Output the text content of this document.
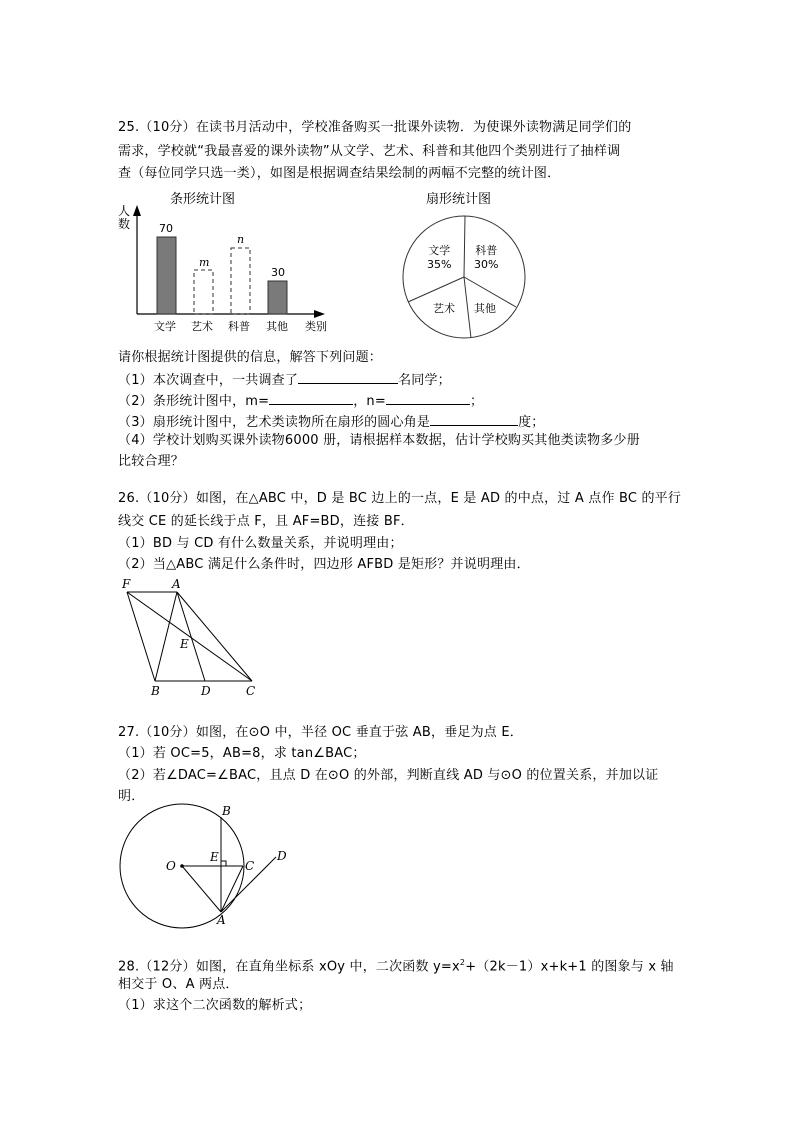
25.（10分）在读书月活动中，学校准备购买一批课外读物．为使课外读物满足同学们的
需求，学校就“我最喜爱的课外读物”从文学、艺术、科普和其他四个类别进行了抽样调
查（每位同学只选一类），如图是根据调查结果绘制的两幅不完整的统计图．
条形统计图
人
数	70
m
n
30
文学 艺术 科普 其他 类别
扇形统计图
文学
35%
科普
30%
艺术 其他
请你根据统计图提供的信息，解答下列问题：
（1）本次调查中，一共调查了	名同学；
（2）条形统计图中，m=	，n=	；
（3）扇形统计图中，艺术类读物所在扇形的圆心角是	度；
（4）学校计划购买课外读物6000 册，请根据样本数据，估计学校购买其他类读物多少册
比较合理？
26.（10分）如图，在△ABC 中，D 是 BC 边上的一点，E 是 AD 的中点，过 A 点作 BC 的平行
线交 CE 的延长线于点 F，且 AF=BD，连接 BF．
（1）BD 与 CD 有什么数量关系，并说明理由；
（2）当△ABC 满足什么条件时，四边形 AFBD 是矩形？并说明理由．
F	A
E
B	D	C
27.（10分）如图，在⊙O 中，半径 OC 垂直于弦 AB，垂足为点 E．
（1）若 OC=5，AB=8，求 tan∠BAC；
（2）若∠DAC=∠BAC，且点 D 在⊙O 的外部，判断直线 AD 与⊙O 的位置关系，并加以证
明．
B
O
E
C
D
A
28.（12分）如图，在直角坐标系 xOy 中，二次函数 $y=x^2+(2k-1)x+k+1$ 的图象与 x 轴
相交于 O、A 两点．
（1）求这个二次函数的解析式；
